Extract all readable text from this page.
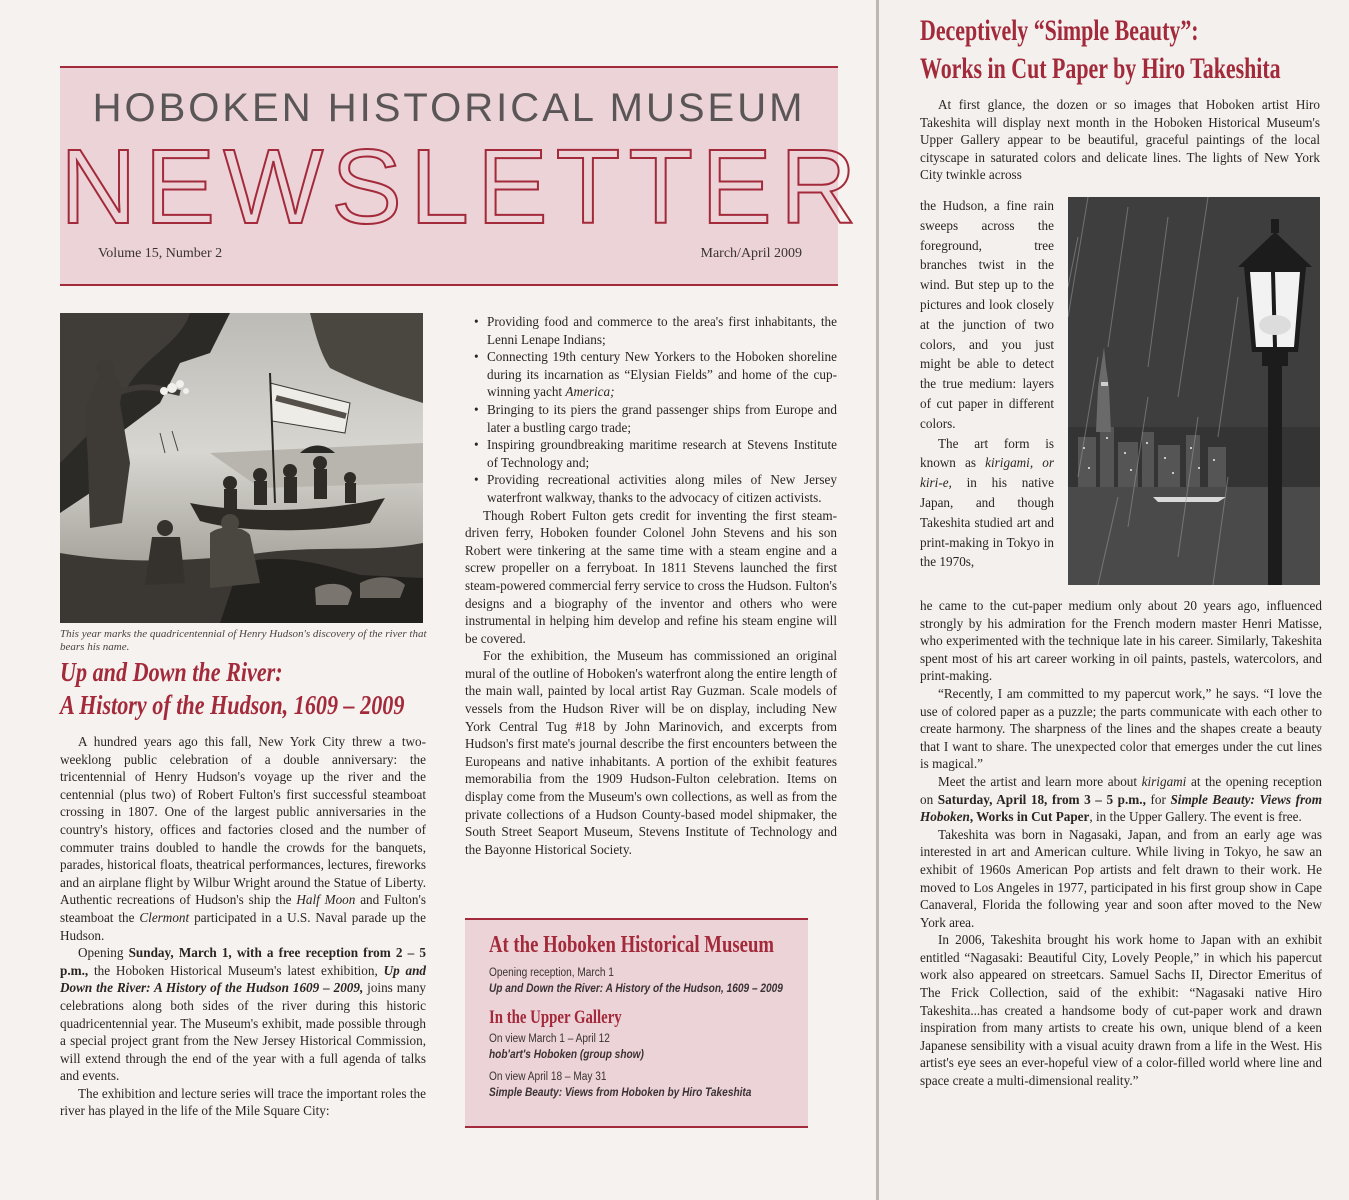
HOBOKEN HISTORICAL MUSEUM
NEWSLETTER
Volume 15, Number 2	March/April 2009
This year marks the quadricentennial of Henry Hudson's discovery of the river that bears his name.
Up and Down the River:
A History of the Hudson, 1609 – 2009

A hundred years ago this fall, New York City threw a two-weeklong public celebration of a double anniversary: the tricentennial of Henry Hudson's voyage up the river and the centennial (plus two) of Robert Fulton's first successful steamboat crossing in 1807. One of the largest public anniversaries in the country's history, offices and factories closed and the number of commuter trains doubled to handle the crowds for the banquets, parades, historical floats, theatrical performances, lectures, fireworks and an airplane flight by Wilbur Wright around the Statue of Liberty. Authentic recreations of Hudson's ship the Half Moon and Fulton's steamboat the Clermont participated in a U.S. Naval parade up the Hudson.

Opening Sunday, March 1, with a free reception from 2 – 5 p.m., the Hoboken Historical Museum's latest exhibition, Up and Down the River: A History of the Hudson 1609 – 2009, joins many celebrations along both sides of the river during this historic quadricentennial year. The Museum's exhibit, made possible through a special project grant from the New Jersey Historical Commission, will extend through the end of the year with a full agenda of talks and events.

The exhibition and lecture series will trace the important roles the river has played in the life of the Mile Square City:

• Providing food and commerce to the area's first inhabitants, the Lenni Lenape Indians;
• Connecting 19th century New Yorkers to the Hoboken shoreline during its incarnation as “Elysian Fields” and home of the cup-winning yacht America;
• Bringing to its piers the grand passenger ships from Europe and later a bustling cargo trade;
• Inspiring groundbreaking maritime research at Stevens Institute of Technology and;
• Providing recreational activities along miles of New Jersey waterfront walkway, thanks to the advocacy of citizen activists.

Though Robert Fulton gets credit for inventing the first steam-driven ferry, Hoboken founder Colonel John Stevens and his son Robert were tinkering at the same time with a steam engine and a screw propeller on a ferryboat. In 1811 Stevens launched the first steam-powered commercial ferry service to cross the Hudson. Fulton's designs and a biography of the inventor and others who were instrumental in helping him develop and refine his steam engine will be covered.

For the exhibition, the Museum has commissioned an original mural of the outline of Hoboken's waterfront along the entire length of the main wall, painted by local artist Ray Guzman. Scale models of vessels from the Hudson River will be on display, including New York Central Tug #18 by John Marinovich, and excerpts from Hudson's first mate's journal describe the first encounters between the Europeans and native inhabitants. A portion of the exhibit features memorabilia from the 1909 Hudson-Fulton celebration. Items on display come from the Museum's own collections, as well as from the private collections of a Hudson County-based model shipmaker, the South Street Seaport Museum, Stevens Institute of Technology and the Bayonne Historical Society.

At the Hoboken Historical Museum
Opening reception, March 1
Up and Down the River: A History of the Hudson, 1609 – 2009
In the Upper Gallery
On view March 1 – April 12
hob'art's Hoboken (group show)
On view April 18 – May 31
Simple Beauty: Views from Hoboken by Hiro Takeshita
Deceptively “Simple Beauty”:
Works in Cut Paper by Hiro Takeshita

At first glance, the dozen or so images that Hoboken artist Hiro Takeshita will display next month in the Hoboken Historical Museum's Upper Gallery appear to be beautiful, graceful paintings of the local cityscape in saturated colors and delicate lines. The lights of New York City twinkle across

the Hudson, a fine rain sweeps across the foreground, tree branches twist in the wind. But step up to the pictures and look closely at the junction of two colors, and you just might be able to detect the true medium: layers of cut paper in different colors.

The art form is known as kirigami, or kiri-e, in his native Japan, and though Takeshita studied art and print-making in Tokyo in the 1970s,

he came to the cut-paper medium only about 20 years ago, influenced strongly by his admiration for the French modern master Henri Matisse, who experimented with the technique late in his career. Similarly, Takeshita spent most of his art career working in oil paints, pastels, watercolors, and print-making.

“Recently, I am committed to my papercut work,” he says. “I love the use of colored paper as a puzzle; the parts communicate with each other to create harmony. The sharpness of the lines and the shapes create a beauty that I want to share. The unexpected color that emerges under the cut lines is magical.”

Meet the artist and learn more about kirigami at the opening reception on Saturday, April 18, from 3 – 5 p.m., for Simple Beauty: Views from Hoboken, Works in Cut Paper, in the Upper Gallery. The event is free.

Takeshita was born in Nagasaki, Japan, and from an early age was interested in art and American culture. While living in Tokyo, he saw an exhibit of 1960s American Pop artists and felt drawn to their work. He moved to Los Angeles in 1977, participated in his first group show in Cape Canaveral, Florida the following year and soon after moved to the New York area.

In 2006, Takeshita brought his work home to Japan with an exhibit entitled “Nagasaki: Beautiful City, Lovely People,” in which his papercut work also appeared on streetcars. Samuel Sachs II, Director Emeritus of The Frick Collection, said of the exhibit: “Nagasaki native Hiro Takeshita...has created a handsome body of cut-paper work and drawn inspiration from many artists to create his own, unique blend of a keen Japanese sensibility with a visual acuity drawn from a life in the West. His artist's eye sees an ever-hopeful view of a color-filled world where line and space create a multi-dimensional reality.”
